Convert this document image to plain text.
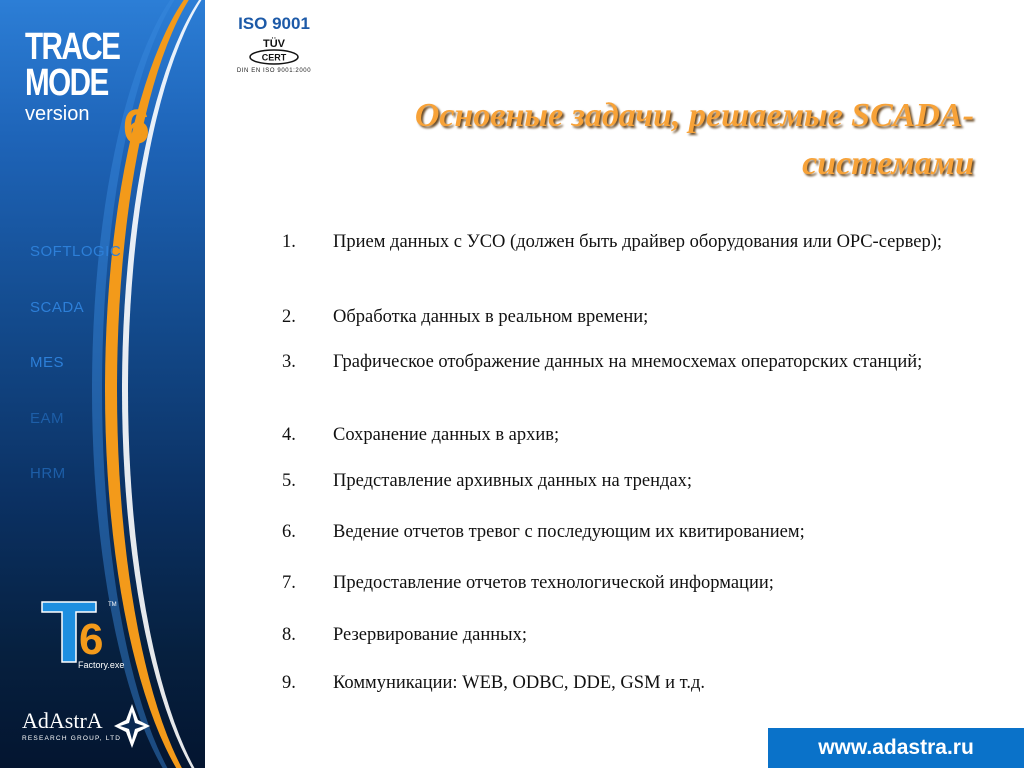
TRACE
MODE
version 6
SOFTLOGIC
SCADA
MES
EAM
HRM
6
Factory.exe
TM
AdAstrA
RESEARCH GROUP, LTD
ISO 9001
TÜV
CERT
DIN EN ISO 9001:2000
Основные задачи, решаемые SCADA-
системами
1. Прием данных с УСО (должен быть драйвер оборудования или OPC-сервер);
2. Обработка данных в реальном времени;
3. Графическое отображение данных на мнемосхемах операторских станций;
4. Сохранение данных в архив;
5. Представление архивных данных на трендах;
6. Ведение отчетов тревог с последующим их квитированием;
7. Предоставление отчетов технологической информации;
8. Резервирование данных;
9. Коммуникации: WEB, ODBC, DDE, GSM и т.д.
www.adastra.ru
